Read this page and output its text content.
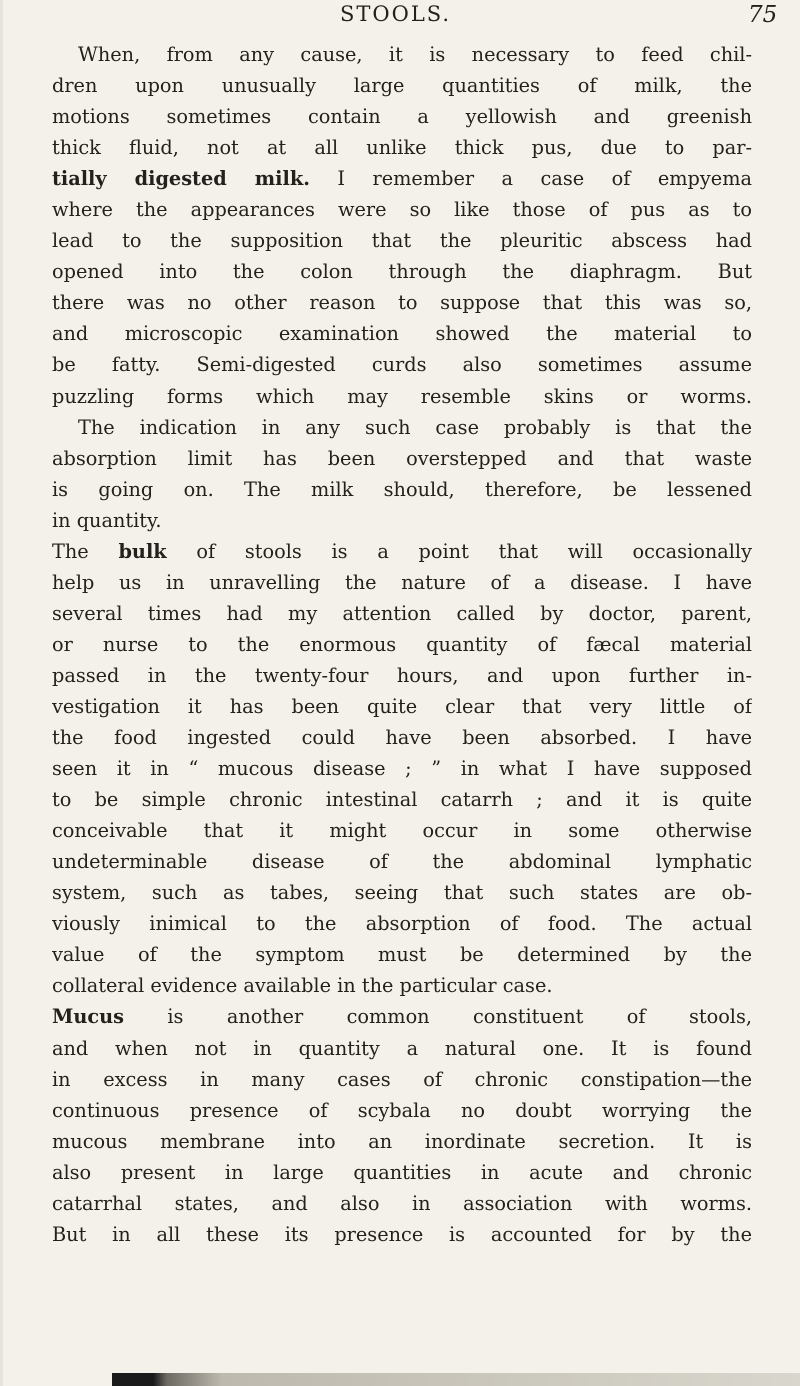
STOOLS.	75
When, from any cause, it is necessary to feed chil-
dren upon unusually large quantities of milk, the
motions sometimes contain a yellowish and greenish
thick fluid, not at all unlike thick pus, due to par-
tially digested milk. I remember a case of empyema
where the appearances were so like those of pus as to
lead to the supposition that the pleuritic abscess had
opened into the colon through the diaphragm. But
there was no other reason to suppose that this was so,
and microscopic examination showed the material to
be fatty. Semi-digested curds also sometimes assume
puzzling forms which may resemble skins or worms.
The indication in any such case probably is that the
absorption limit has been overstepped and that waste
is going on. The milk should, therefore, be lessened
in quantity.
The bulk of stools is a point that will occasionally
help us in unravelling the nature of a disease. I have
several times had my attention called by doctor, parent,
or nurse to the enormous quantity of fæcal material
passed in the twenty-four hours, and upon further in-
vestigation it has been quite clear that very little of
the food ingested could have been absorbed. I have
seen it in “ mucous disease ; ” in what I have supposed
to be simple chronic intestinal catarrh ; and it is quite
conceivable that it might occur in some otherwise
undeterminable disease of the abdominal lymphatic
system, such as tabes, seeing that such states are ob-
viously inimical to the absorption of food. The actual
value of the symptom must be determined by the
collateral evidence available in the particular case.
Mucus is another common constituent of stools,
and when not in quantity a natural one. It is found
in excess in many cases of chronic constipation—the
continuous presence of scybala no doubt worrying the
mucous membrane into an inordinate secretion. It is
also present in large quantities in acute and chronic
catarrhal states, and also in association with worms.
But in all these its presence is accounted for by the
